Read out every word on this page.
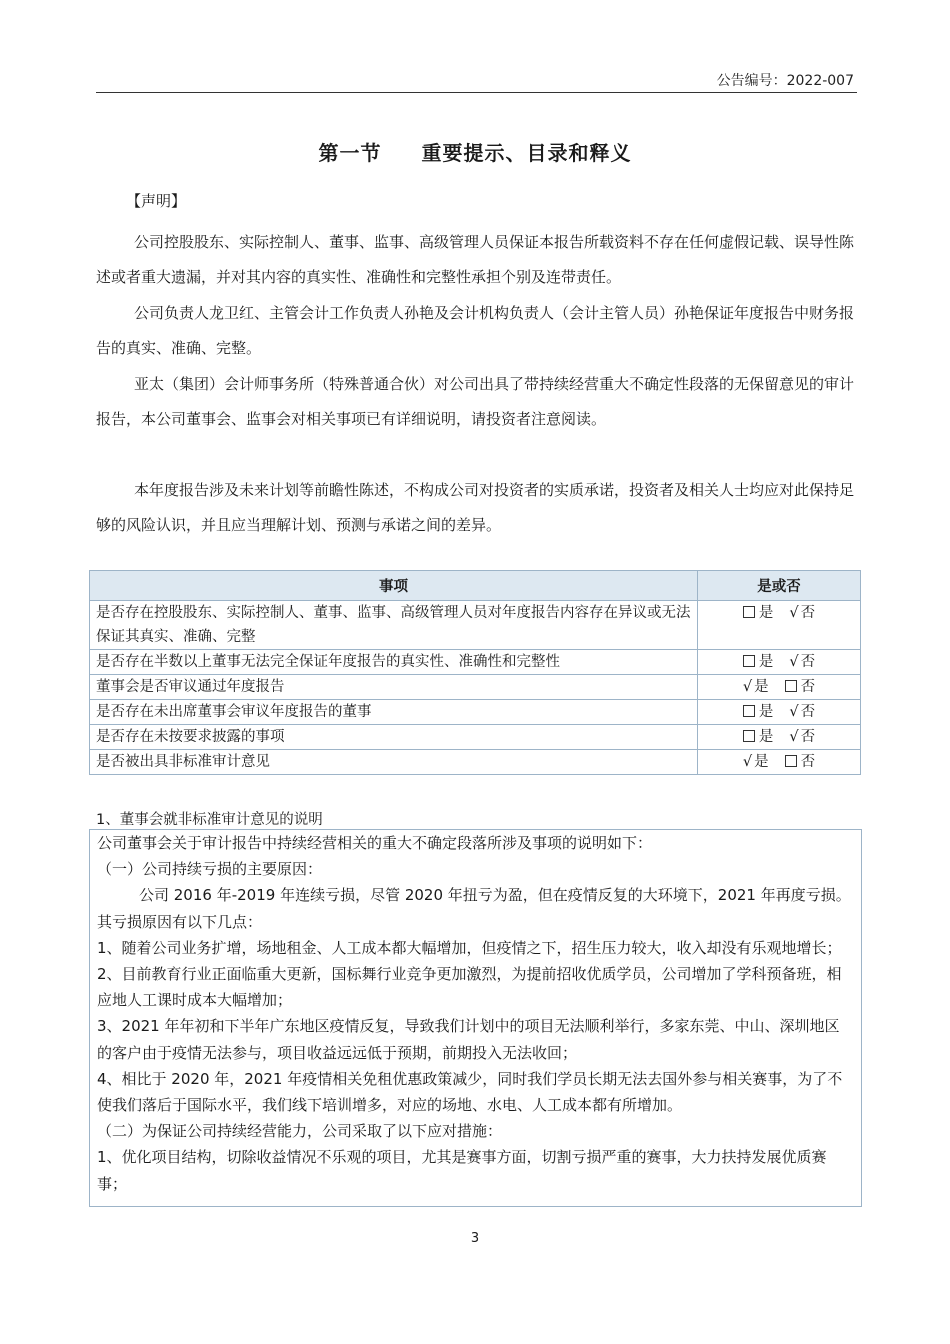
公告编号：2022-007
第一节 重要提示、目录和释义
【声明】
公司控股股东、实际控制人、董事、监事、高级管理人员保证本报告所载资料不存在任何虚假记载、误导性陈述或者重大遗漏，并对其内容的真实性、准确性和完整性承担个别及连带责任。
公司负责人龙卫红、主管会计工作负责人孙艳及会计机构负责人（会计主管人员）孙艳保证年度报告中财务报告的真实、准确、完整。
亚太（集团）会计师事务所（特殊普通合伙）对公司出具了带持续经营重大不确定性段落的无保留意见的审计报告，本公司董事会、监事会对相关事项已有详细说明，请投资者注意阅读。
本年度报告涉及未来计划等前瞻性陈述，不构成公司对投资者的实质承诺，投资者及相关人士均应对此保持足够的风险认识，并且应当理解计划、预测与承诺之间的差异。
事项	是或否
是否存在控股股东、实际控制人、董事、监事、高级管理人员对年度报告内容存在异议或无法保证其真实、准确、完整	是 √ 否
是否存在半数以上董事无法完全保证年度报告的真实性、准确性和完整性	是 √ 否
董事会是否审议通过年度报告	√ 是 否
是否存在未出席董事会审议年度报告的董事	是 √ 否
是否存在未按要求披露的事项	是 √ 否
是否被出具非标准审计意见	√ 是 否
1、董事会就非标准审计意见的说明

公司董事会关于审计报告中持续经营相关的重大不确定段落所涉及事项的说明如下：

（一）公司持续亏损的主要原因：

公司 2016 年-2019 年连续亏损，尽管 2020 年扭亏为盈，但在疫情反复的大环境下，2021 年再度亏损。其亏损原因有以下几点：

1、随着公司业务扩增，场地租金、人工成本都大幅增加，但疫情之下，招生压力较大，收入却没有乐观地增长；

2、目前教育行业正面临重大更新，国标舞行业竞争更加激烈，为提前招收优质学员，公司增加了学科预备班，相应地人工课时成本大幅增加；

3、2021 年年初和下半年广东地区疫情反复，导致我们计划中的项目无法顺利举行，多家东莞、中山、深圳地区的客户由于疫情无法参与，项目收益远远低于预期，前期投入无法收回；

4、相比于 2020 年，2021 年疫情相关免租优惠政策减少，同时我们学员长期无法去国外参与相关赛事，为了不使我们落后于国际水平，我们线下培训增多，对应的场地、水电、人工成本都有所增加。

（二）为保证公司持续经营能力，公司采取了以下应对措施：

1、优化项目结构，切除收益情况不乐观的项目，尤其是赛事方面，切割亏损严重的赛事，大力扶持发展优质赛事；

3
